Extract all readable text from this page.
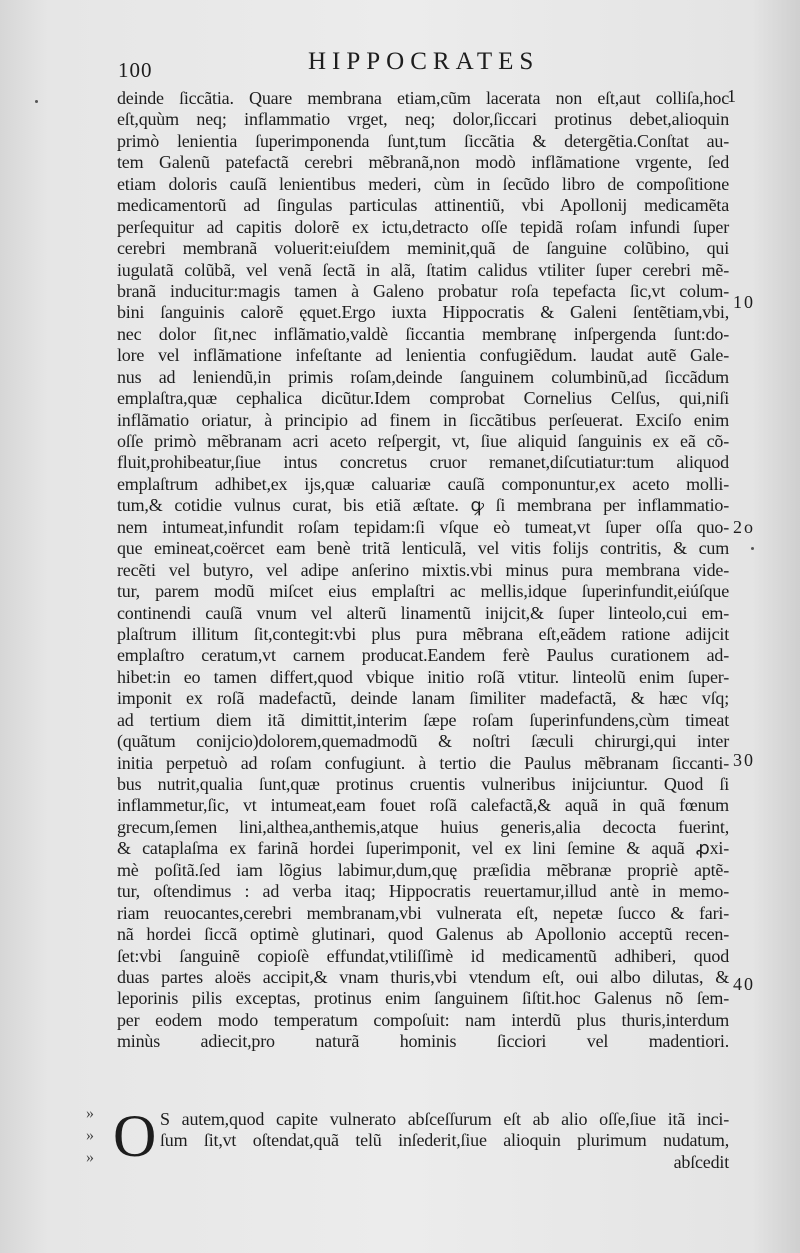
100	HIPPOCRATES
deinde ſiccãtia. Quare membrana etiam,cũm lacerata non eſt,aut colliſa,hoc
eſt,quùm neq; inflammatio vrget, neq; dolor,ſiccari protinus debet,alioquin
primò lenientia ſuperimponenda ſunt,tum ſiccãtia & detergẽtia.Conſtat au-
tem Galenũ patefactã cerebri mẽbranã,non modò inflãmatione vrgente, ſed
etiam doloris cauſã lenientibus mederi, cùm in ſecũdo libro de compoſitione
medicamentorũ ad ſingulas particulas attinentiũ, vbi Apollonij medicamẽta
perſequitur ad capitis dolorẽ ex ictu,detracto oſſe tepidã roſam infundi ſuper
cerebri membranã voluerit:eiuſdem meminit,quã de ſanguine colũbino, qui
iugulatã colũbã, vel venã ſectã in alã, ſtatim calidus vtiliter ſuper cerebri mẽ-
branã inducitur:magis tamen à Galeno probatur roſa tepefacta ſic,vt colum-
bini ſanguinis calorẽ ęquet.Ergo iuxta Hippocratis & Galeni ſentẽtiam,vbi,
nec dolor ſit,nec inflãmatio,valdè ſiccantia membranę inſpergenda ſunt:do-
lore vel inflãmatione infeſtante ad lenientia confugiẽdum. laudat autẽ Gale-
nus ad leniendũ,in primis roſam,deinde ſanguinem columbinũ,ad ſiccãdum
emplaſtra,quæ cephalica dicũtur.Idem comprobat Cornelius Celſus, qui,niſi
inflãmatio oriatur, à principio ad finem in ſiccãtibus perſeuerat. Exciſo enim
oſſe primò mẽbranam acri aceto reſpergit, vt, ſiue aliquid ſanguinis ex eã cõ-
fluit,prohibeatur,ſiue intus concretus cruor remanet,diſcutiatur:tum aliquod
emplaſtrum adhibet,ex ijs,quæ caluariæ cauſã componuntur,ex aceto molli-
tum,& cotidie vulnus curat, bis etiã æſtate. ꝙ ſi membrana per inflammatio-
nem intumeat,infundit roſam tepidam:ſi vſque eò tumeat,vt ſuper oſſa quo-
que emineat,coërcet eam benè tritã lenticulã, vel vitis folijs contritis, & cum
recẽti vel butyro, vel adipe anſerino mixtis.vbi minus pura membrana vide-
tur, parem modũ miſcet eius emplaſtri ac mellis,idque ſuperinfundit,eiúſque
continendi cauſã vnum vel alterũ linamentũ inijcit,& ſuper linteolo,cui em-
plaſtrum illitum ſit,contegit:vbi plus pura mẽbrana eſt,eãdem ratione adijcit
emplaſtro ceratum,vt carnem producat.Eandem ferè Paulus curationem ad-
hibet:in eo tamen differt,quod vbique initio roſã vtitur. linteolũ enim ſuper-
imponit ex roſã madefactũ, deinde lanam ſimiliter madefactã, & hæc vſq;
ad tertium diem itã dimittit,interim ſæpe roſam ſuperinfundens,cùm timeat
(quãtum conijcio)dolorem,quemadmodũ & noſtri ſæculi chirurgi,qui inter
initia perpetuò ad roſam confugiunt. à tertio die Paulus mẽbranam ſiccanti-
bus nutrit,qualia ſunt,quæ protinus cruentis vulneribus inijciuntur. Quod ſi
inflammetur,ſic, vt intumeat,eam fouet roſã calefactã,& aquã in quã fœnum
grecum,ſemen lini,althea,anthemis,atque huius generis,alia decocta fuerint,
& cataplaſma ex farinã hordei ſuperimponit, vel ex lini ſemine & aquã ꝓxi-
mè poſitã.ſed iam lõgius labimur,dum,quę præſidia mẽbranæ propriè aptẽ-
tur, oſtendimus : ad verba itaq; Hippocratis reuertamur,illud antè in memo-
riam reuocantes,cerebri membranam,vbi vulnerata eſt, nepetæ ſucco & fari-
nã hordei ſiccã optimè glutinari, quod Galenus ab Apollonio acceptũ recen-
ſet:vbi ſanguinẽ copioſè effundat,vtiliſſimè id medicamentũ adhiberi, quod
duas partes aloës accipit,& vnam thuris,vbi vtendum eſt, oui albo dilutas, &
leporinis pilis exceptas, protinus enim ſanguinem ſiſtit.hoc Galenus nõ ſem-
per eodem modo temperatum compoſuit: nam interdũ plus thuris,interdum
minùs adiecit,pro naturã hominis ſicciori vel madentiori.
O S autem,quod capite vulnerato abſceſſurum eſt ab alio oſſe,ſiue itã inci-
ſum ſit,vt oſtendat,quã telũ inſederit,ſiue alioquin plurimum nudatum,
abſcedit
1
10
2o
30
40
»
»
»
